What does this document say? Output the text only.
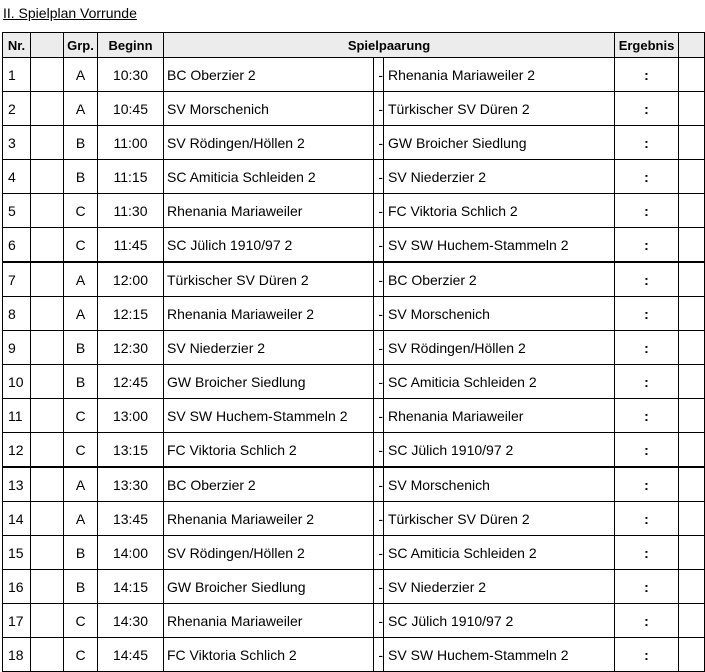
II. Spielplan Vorrunde
Nr.		Grp.	Beginn	Spielpaarung			Ergebnis	
1		A	10:30	BC Oberzier 2	-	Rhenania Mariaweiler 2	:	
2		A	10:45	SV Morschenich	-	Türkischer SV Düren 2	:	
3		B	11:00	SV Rödingen/Höllen 2	-	GW Broicher Siedlung	:	
4		B	11:15	SC Amiticia Schleiden 2	-	SV Niederzier 2	:	
5		C	11:30	Rhenania Mariaweiler	-	FC Viktoria Schlich 2	:	
6		C	11:45	SC Jülich 1910/97 2	-	SV SW Huchem-Stammeln 2	:	
7		A	12:00	Türkischer SV Düren 2	-	BC Oberzier 2	:	
8		A	12:15	Rhenania Mariaweiler 2	-	SV Morschenich	:	
9		B	12:30	SV Niederzier 2	-	SV Rödingen/Höllen 2	:	
10		B	12:45	GW Broicher Siedlung	-	SC Amiticia Schleiden 2	:	
11		C	13:00	SV SW Huchem-Stammeln 2	-	Rhenania Mariaweiler	:	
12		C	13:15	FC Viktoria Schlich 2	-	SC Jülich 1910/97 2	:	
13		A	13:30	BC Oberzier 2	-	SV Morschenich	:	
14		A	13:45	Rhenania Mariaweiler 2	-	Türkischer SV Düren 2	:	
15		B	14:00	SV Rödingen/Höllen 2	-	SC Amiticia Schleiden 2	:	
16		B	14:15	GW Broicher Siedlung	-	SV Niederzier 2	:	
17		C	14:30	Rhenania Mariaweiler	-	SC Jülich 1910/97 2	:	
18		C	14:45	FC Viktoria Schlich 2	-	SV SW Huchem-Stammeln 2	:	
